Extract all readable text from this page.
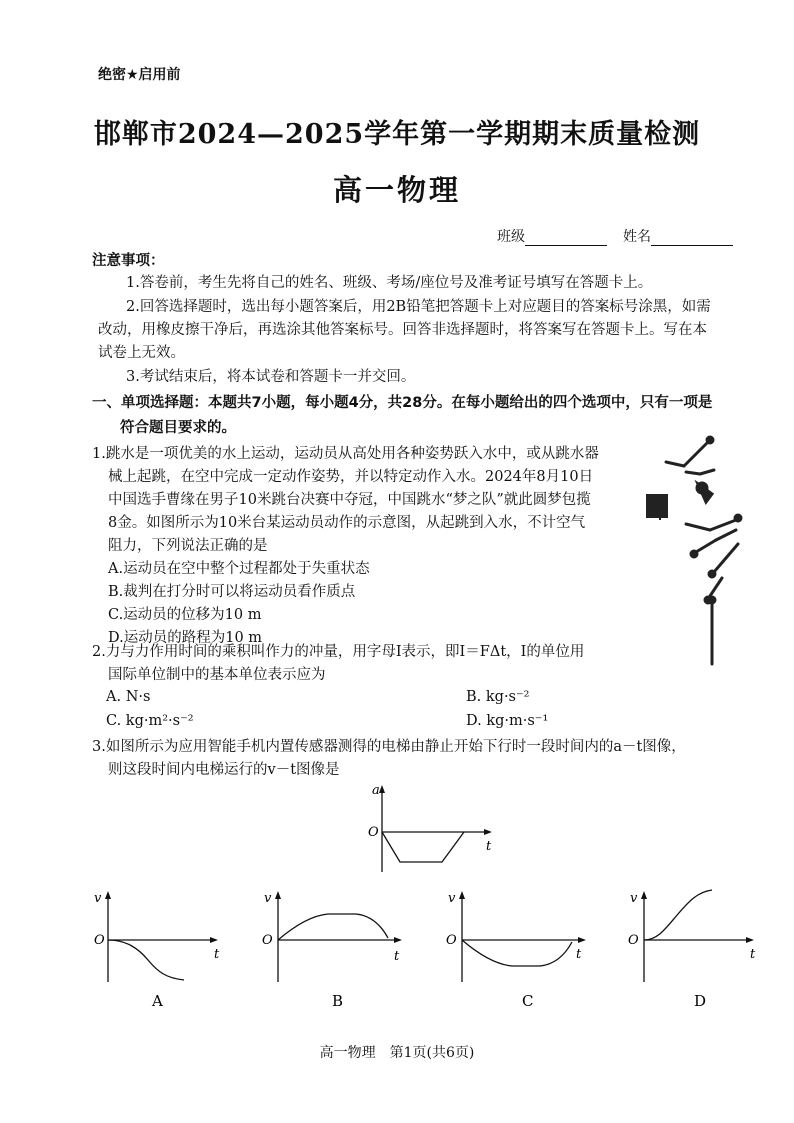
绝密★启用前
邯郸市2024—2025学年第一学期期末质量检测
高一物理
班级	姓名
注意事项：
1.答卷前，考生先将自己的姓名、班级、考场/座位号及准考证号填写在答题卡上。
2.回答选择题时，选出每小题答案后，用2B铅笔把答题卡上对应题目的答案标号涂黑，如需
改动，用橡皮擦干净后，再选涂其他答案标号。回答非选择题时，将答案写在答题卡上。写在本
试卷上无效。
3.考试结束后，将本试卷和答题卡一并交回。
一、单项选择题：本题共7小题，每小题4分，共28分。在每小题给出的四个选项中，只有一项是
符合题目要求的。
1.跳水是一项优美的水上运动，运动员从高处用各种姿势跃入水中，或从跳水器
械上起跳，在空中完成一定动作姿势，并以特定动作入水。2024年8月10日
中国选手曹缘在男子10米跳台决赛中夺冠，中国跳水“梦之队”就此圆梦包揽
8金。如图所示为10米台某运动员动作的示意图，从起跳到入水，不计空气
阻力，下列说法正确的是
A.运动员在空中整个过程都处于失重状态
B.裁判在打分时可以将运动员看作质点
C.运动员的位移为10 m
D.运动员的路程为10 m
2.力与力作用时间的乘积叫作力的冲量，用字母I表示，即I＝FΔt，I的单位用
国际单位制中的基本单位表示应为
A. N·s	B. kg·s⁻²
C. kg·m²·s⁻²	D. kg·m·s⁻¹
3.如图所示为应用智能手机内置传感器测得的电梯由静止开始下行时一段时间内的a－t图像，
则这段时间内电梯运行的v－t图像是
a
O
t
v
O
t
A
v
O
t
B
v
O
t
C
v
O
t
D
高一物理　第1页(共6页)
